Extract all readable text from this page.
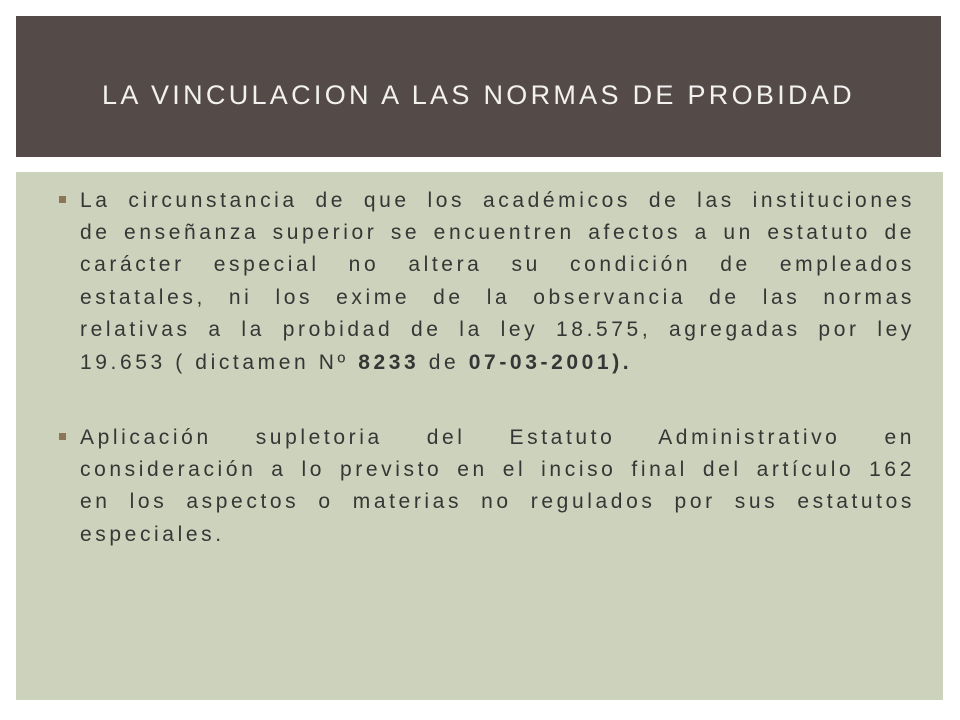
LA VINCULACION A LAS NORMAS DE PROBIDAD
La circunstancia de que los académicos de las instituciones
de enseñanza superior se encuentren afectos a un estatuto de
carácter especial no altera su condición de empleados
estatales, ni los exime de la observancia de las normas
relativas a la probidad de la ley 18.575, agregadas por ley
19.653 ( dictamen Nº 8233 de 07-03-2001).
Aplicación supletoria del Estatuto Administrativo en
consideración a lo previsto en el inciso final del artículo 162
en los aspectos o materias no regulados por sus estatutos
especiales.
